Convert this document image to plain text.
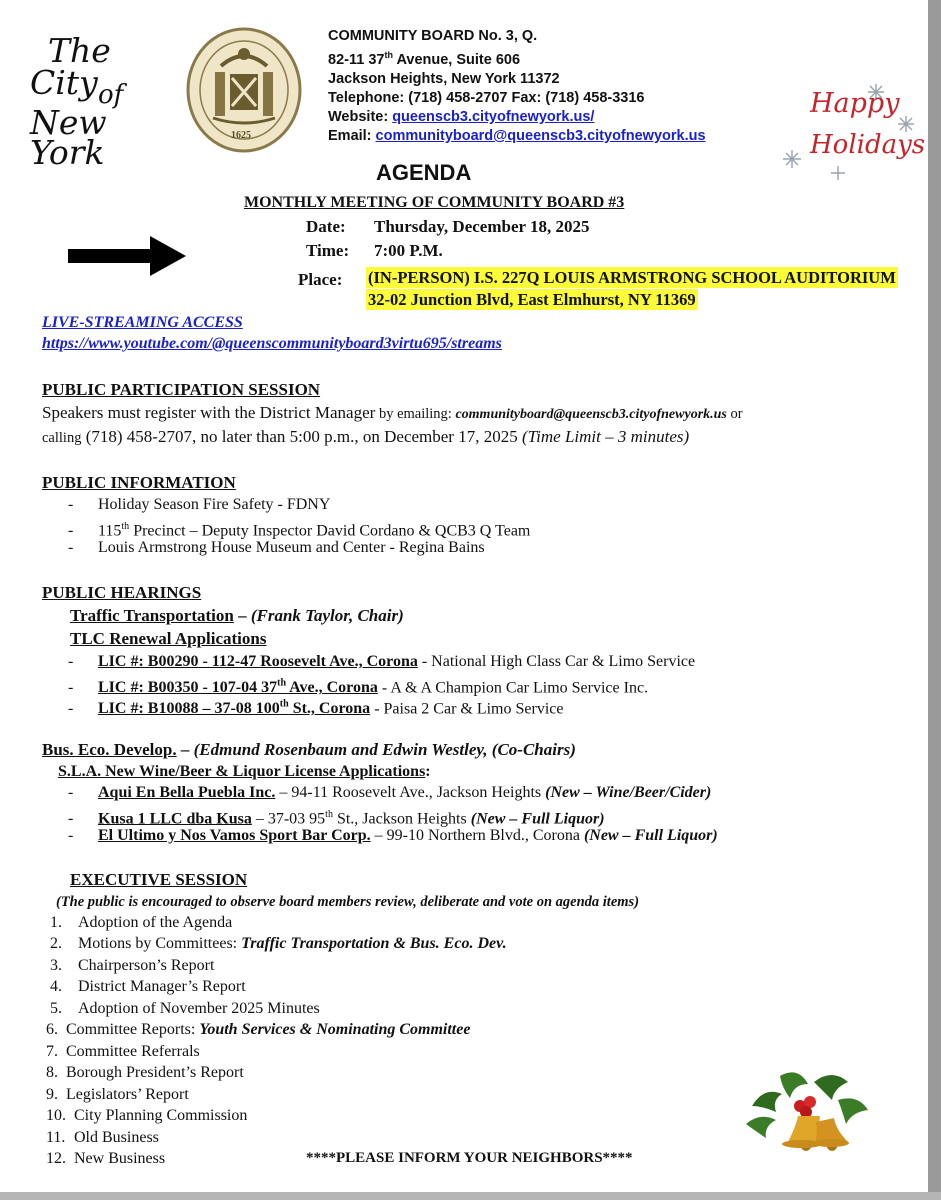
The
City of
New York	1625
COMMUNITY BOARD No. 3, Q.
82-11 37th Avenue, Suite 606
Jackson Heights, New York 11372
Telephone: (718) 458-2707 Fax: (718) 458-3316
Website: queenscb3.cityofnewyork.us/
Email: communityboard@queenscb3.cityofnewyork.us
Happy
Holidays
AGENDA
MONTHLY MEETING OF COMMUNITY BOARD #3
Date: Thursday, December 18, 2025
Time: 7:00 P.M.
Place: (IN-PERSON) I.S. 227Q LOUIS ARMSTRONG SCHOOL AUDITORIUM
32-02 Junction Blvd, East Elmhurst, NY 11369
LIVE-STREAMING ACCESS
https://www.youtube.com/@queenscommunityboard3virtu695/streams
PUBLIC PARTICIPATION SESSION
Speakers must register with the District Manager by emailing: communityboard@queenscb3.cityofnewyork.us or
calling (718) 458-2707, no later than 5:00 p.m., on December 17, 2025 (Time Limit – 3 minutes)
PUBLIC INFORMATION
- Holiday Season Fire Safety - FDNY
- 115th Precinct – Deputy Inspector David Cordano & QCB3 Q Team
- Louis Armstrong House Museum and Center - Regina Bains
PUBLIC HEARINGS
Traffic Transportation – (Frank Taylor, Chair)
TLC Renewal Applications
- LIC #: B00290 - 112-47 Roosevelt Ave., Corona - National High Class Car & Limo Service
- LIC #: B00350 - 107-04 37th Ave., Corona - A & A Champion Car Limo Service Inc.
- LIC #: B10088 – 37-08 100th St., Corona - Paisa 2 Car & Limo Service
Bus. Eco. Develop. – (Edmund Rosenbaum and Edwin Westley, (Co-Chairs)
S.L.A. New Wine/Beer & Liquor License Applications:
- Aqui En Bella Puebla Inc. – 94-11 Roosevelt Ave., Jackson Heights (New – Wine/Beer/Cider)
- Kusa 1 LLC dba Kusa – 37-03 95th St., Jackson Heights (New – Full Liquor)
- El Ultimo y Nos Vamos Sport Bar Corp. – 99-10 Northern Blvd., Corona (New – Full Liquor)
EXECUTIVE SESSION
(The public is encouraged to observe board members review, deliberate and vote on agenda items)
1. Adoption of the Agenda
2. Motions by Committees: Traffic Transportation & Bus. Eco. Dev.
3. Chairperson’s Report
4. District Manager’s Report
5. Adoption of November 2025 Minutes
6. Committee Reports: Youth Services & Nominating Committee
7. Committee Referrals
8. Borough President’s Report
9. Legislators’ Report
10. City Planning Commission
11. Old Business
12. New Business	****PLEASE INFORM YOUR NEIGHBORS****
